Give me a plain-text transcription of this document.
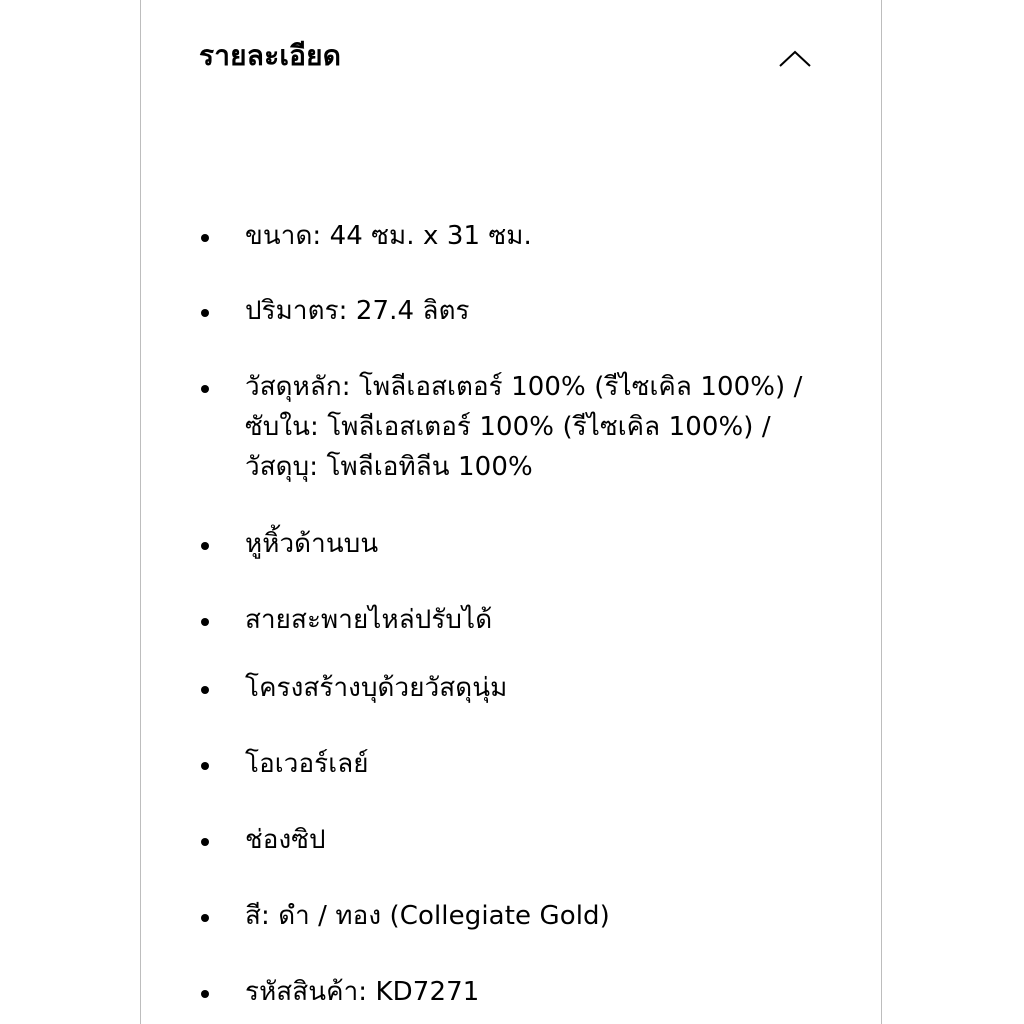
รายละเอียด
ขนาด: 44 ซม. x 31 ซม.
ปริมาตร: 27.4 ลิตร
วัสดุหลัก: โพลีเอสเตอร์ 100% (รีไซเคิล 100%) / ซับใน: โพลีเอสเตอร์ 100% (รีไซเคิล 100%) / วัสดุบุ: โพลีเอทิลีน 100%
หูหิ้วด้านบน
สายสะพายไหล่ปรับได้
โครงสร้างบุด้วยวัสดุนุ่ม
โอเวอร์เลย์
ช่องซิป
สี: ดำ / ทอง (Collegiate Gold)
รหัสสินค้า: KD7271
